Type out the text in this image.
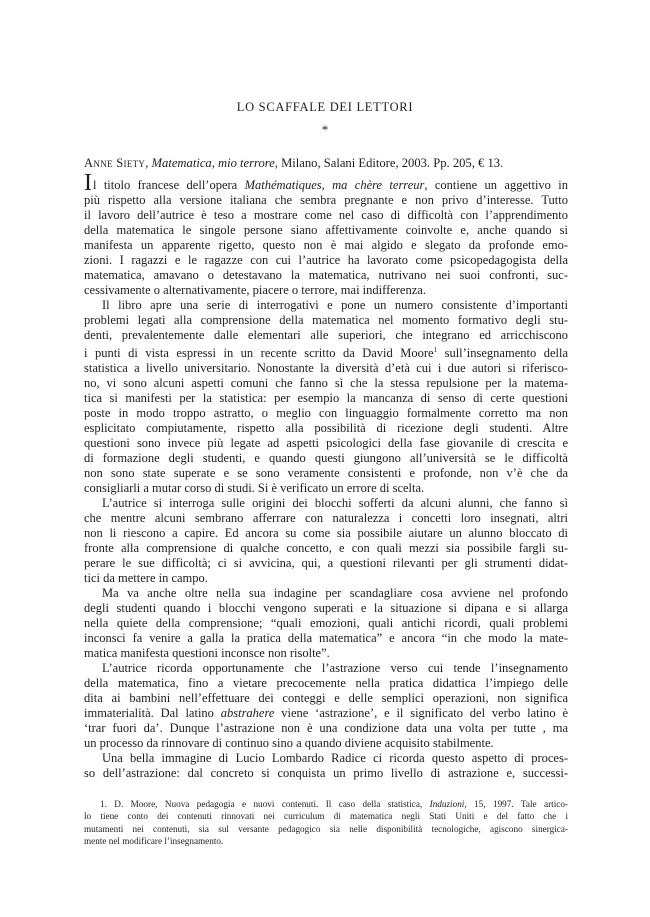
LO SCAFFALE DEI LETTORI
*
Anne Siety, Matematica, mio terrore, Milano, Salani Editore, 2003. Pp. 205, € 13.

Il titolo francese dell’opera Mathématiques, ma chère terreur, contiene un aggettivo in

più rispetto alla versione italiana che sembra pregnante e non privo d’interesse. Tutto

il lavoro dell’autrice è teso a mostrare come nel caso di difficoltà con l’apprendimento

della matematica le singole persone siano affettivamente coinvolte e, anche quando si

manifesta un apparente rigetto, questo non è mai algido e slegato da profonde emo-

zioni. I ragazzi e le ragazze con cui l’autrice ha lavorato come psicopedagogista della

matematica, amavano o detestavano la matematica, nutrivano nei suoi confronti, suc-

cessivamente o alternativamente, piacere o terrore, mai indifferenza.

Il libro apre una serie di interrogativi e pone un numero consistente d’importanti

problemi legati alla comprensione della matematica nel momento formativo degli stu-

denti, prevalentemente dalle elementari alle superiori, che integrano ed arricchiscono

i punti di vista espressi in un recente scritto da David Moore$^1$ sull’insegnamento della

statistica a livello universitario. Nonostante la diversità d’età cui i due autori si riferisco-

no, vi sono alcuni aspetti comuni che fanno sì che la stessa repulsione per la matema-

tica si manifesti per la statistica: per esempio la mancanza di senso di certe questioni

poste in modo troppo astratto, o meglio con linguaggio formalmente corretto ma non

esplicitato compiutamente, rispetto alla possibilità di ricezione degli studenti. Altre

questioni sono invece più legate ad aspetti psicologici della fase giovanile di crescita e

di formazione degli studenti, e quando questi giungono all’università se le difficoltà

non sono state superate e se sono veramente consistenti e profonde, non v’è che da

consigliarli a mutar corso di studi. Si è verificato un errore di scelta.

L’autrice si interroga sulle origini dei blocchi sofferti da alcuni alunni, che fanno sì

che mentre alcuni sembrano afferrare con naturalezza i concetti loro insegnati, altri

non li riescono a capire. Ed ancora su come sia possibile aiutare un alunno bloccato di

fronte alla comprensione di qualche concetto, e con quali mezzi sia possibile fargli su-

perare le sue difficoltà; ci si avvicina, qui, a questioni rilevanti per gli strumenti didat-

tici da mettere in campo.

Ma va anche oltre nella sua indagine per scandagliare cosa avviene nel profondo

degli studenti quando i blocchi vengono superati e la situazione si dipana e si allarga

nella quiete della comprensione; “quali emozioni, quali antichi ricordi, quali problemi

inconsci fa venire a galla la pratica della matematica” e ancora “in che modo la mate-

matica manifesta questioni inconsce non risolte”.

L’autrice ricorda opportunamente che l’astrazione verso cui tende l’insegnamento

della matematica, fino a vietare precocemente nella pratica didattica l’impiego delle

dita ai bambini nell’effettuare dei conteggi e delle semplici operazioni, non significa

immaterialità. Dal latino abstrahere viene ‘astrazione’, e il significato del verbo latino è

‘trar fuori da’. Dunque l’astrazione non è una condizione data una volta per tutte , ma

un processo da rinnovare di continuo sino a quando diviene acquisito stabilmente.

Una bella immagine di Lucio Lombardo Radice ci ricorda questo aspetto di proces-

so dell’astrazione: dal concreto si conquista un primo livello di astrazione e, successi-

1. D. Moore, Nuova pedagogia e nuovi contenuti. Il caso della statistica, Induzioni, 15, 1997. Tale artico-

lo tiene conto dei contenuti rinnovati nei curriculum di matematica negli Stati Uniti e del fatto che i

mutamenti nei contenuti, sia sul versante pedagogico sia nelle disponibilità tecnologiche, agiscono sinergica-

mente nel modificare l’insegnamento.
